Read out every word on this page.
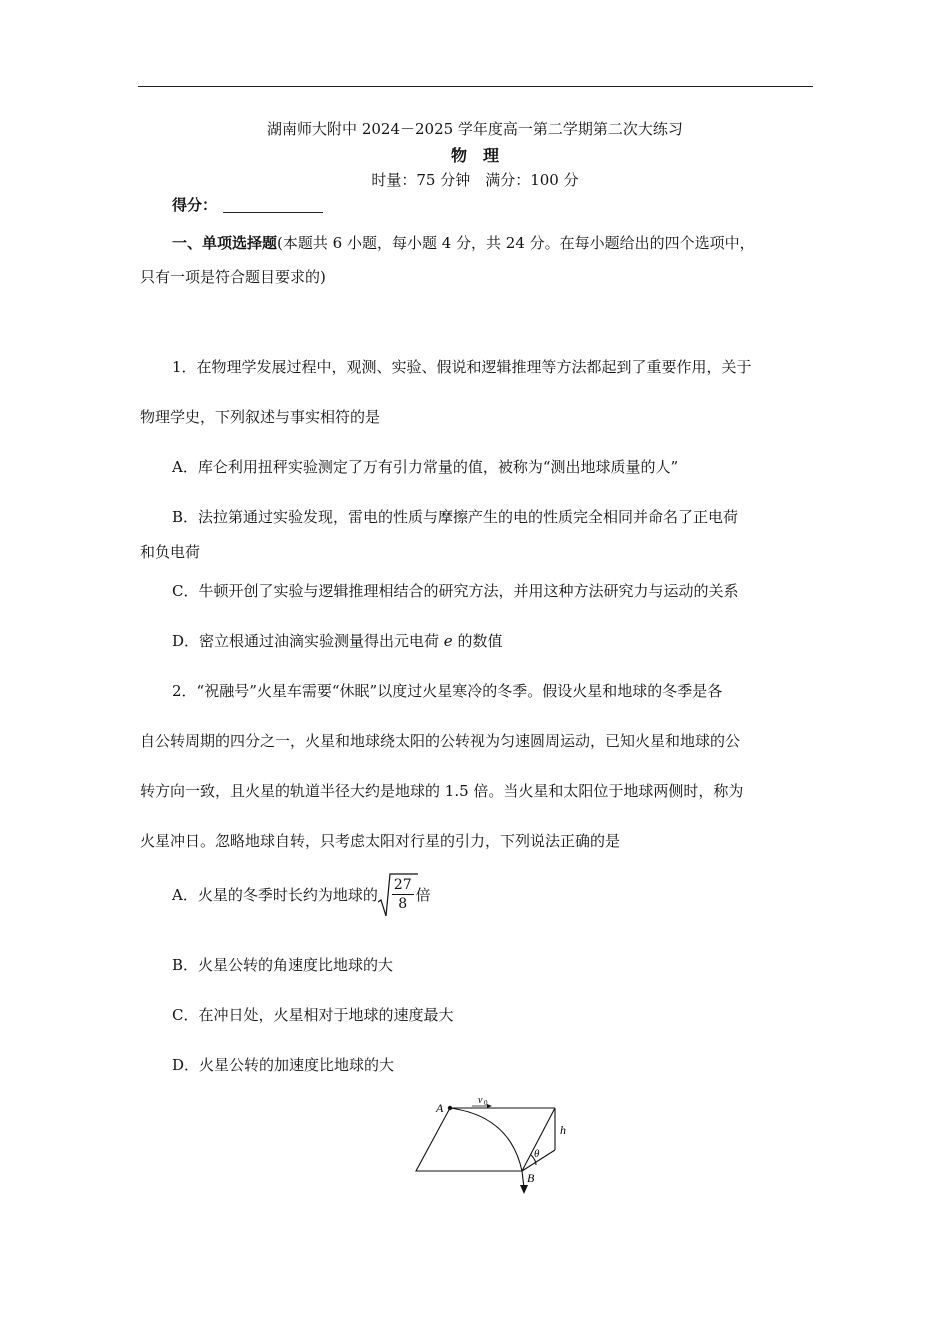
湖南师大附中 2024－2025 学年度高一第二学期第二次大练习
物　理
时量：75 分钟　满分：100 分
得分：
一、单项选择题(本题共 6 小题，每小题 4 分，共 24 分。在每小题给出的四个选项中，
只有一项是符合题目要求的)
1．在物理学发展过程中，观测、实验、假说和逻辑推理等方法都起到了重要作用，关于
物理学史，下列叙述与事实相符的是
A．库仑利用扭秤实验测定了万有引力常量的值，被称为“测出地球质量的人”
B．法拉第通过实验发现，雷电的性质与摩擦产生的电的性质完全相同并命名了正电荷
和负电荷
C．牛顿开创了实验与逻辑推理相结合的研究方法，并用这种方法研究力与运动的关系
D．密立根通过油滴实验测量得出元电荷 e 的数值
2．“祝融号”火星车需要“休眠”以度过火星寒冷的冬季。假设火星和地球的冬季是各
自公转周期的四分之一，火星和地球绕太阳的公转视为匀速圆周运动，已知火星和地球的公
转方向一致，且火星的轨道半径大约是地球的 1.5 倍。当火星和太阳位于地球两侧时，称为
火星冲日。忽略地球自转，只考虑太阳对行星的引力，下列说法正确的是
A．火星的冬季时长约为地球的 $\frac{27}{8}$ 倍
B．火星公转的角速度比地球的大
C．在冲日处，火星相对于地球的速度最大
D．火星公转的加速度比地球的大
A
B
v 0
h
θ
